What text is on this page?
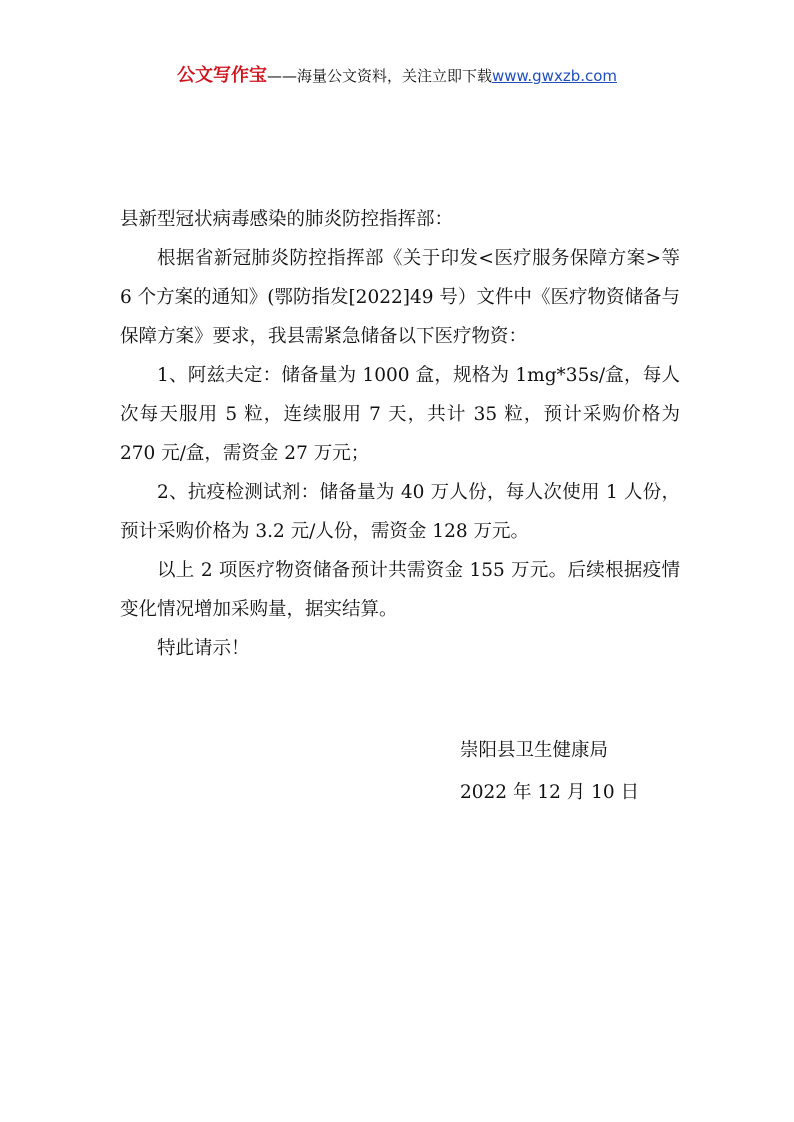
公文写作宝——海量公文资料，关注立即下载www.gwxzb.com

县新型冠状病毒感染的肺炎防控指挥部：

根据省新冠肺炎防控指挥部《关于印发<医疗服务保障方案>等 6 个方案的通知》(鄂防指发[2022]49 号）文件中《医疗物资储备与保障方案》要求，我县需紧急储备以下医疗物资：

1、阿兹夫定：储备量为 1000 盒，规格为 1mg*35s/盒，每人次每天服用 5 粒，连续服用 7 天，共计 35 粒，预计采购价格为 270 元/盒，需资金 27 万元；

2、抗疫检测试剂：储备量为 40 万人份，每人次使用 1 人份，预计采购价格为 3.2 元/人份，需资金 128 万元。

以上 2 项医疗物资储备预计共需资金 155 万元。后续根据疫情变化情况增加采购量，据实结算。

特此请示！

崇阳县卫生健康局
2022 年 12 月 10 日
